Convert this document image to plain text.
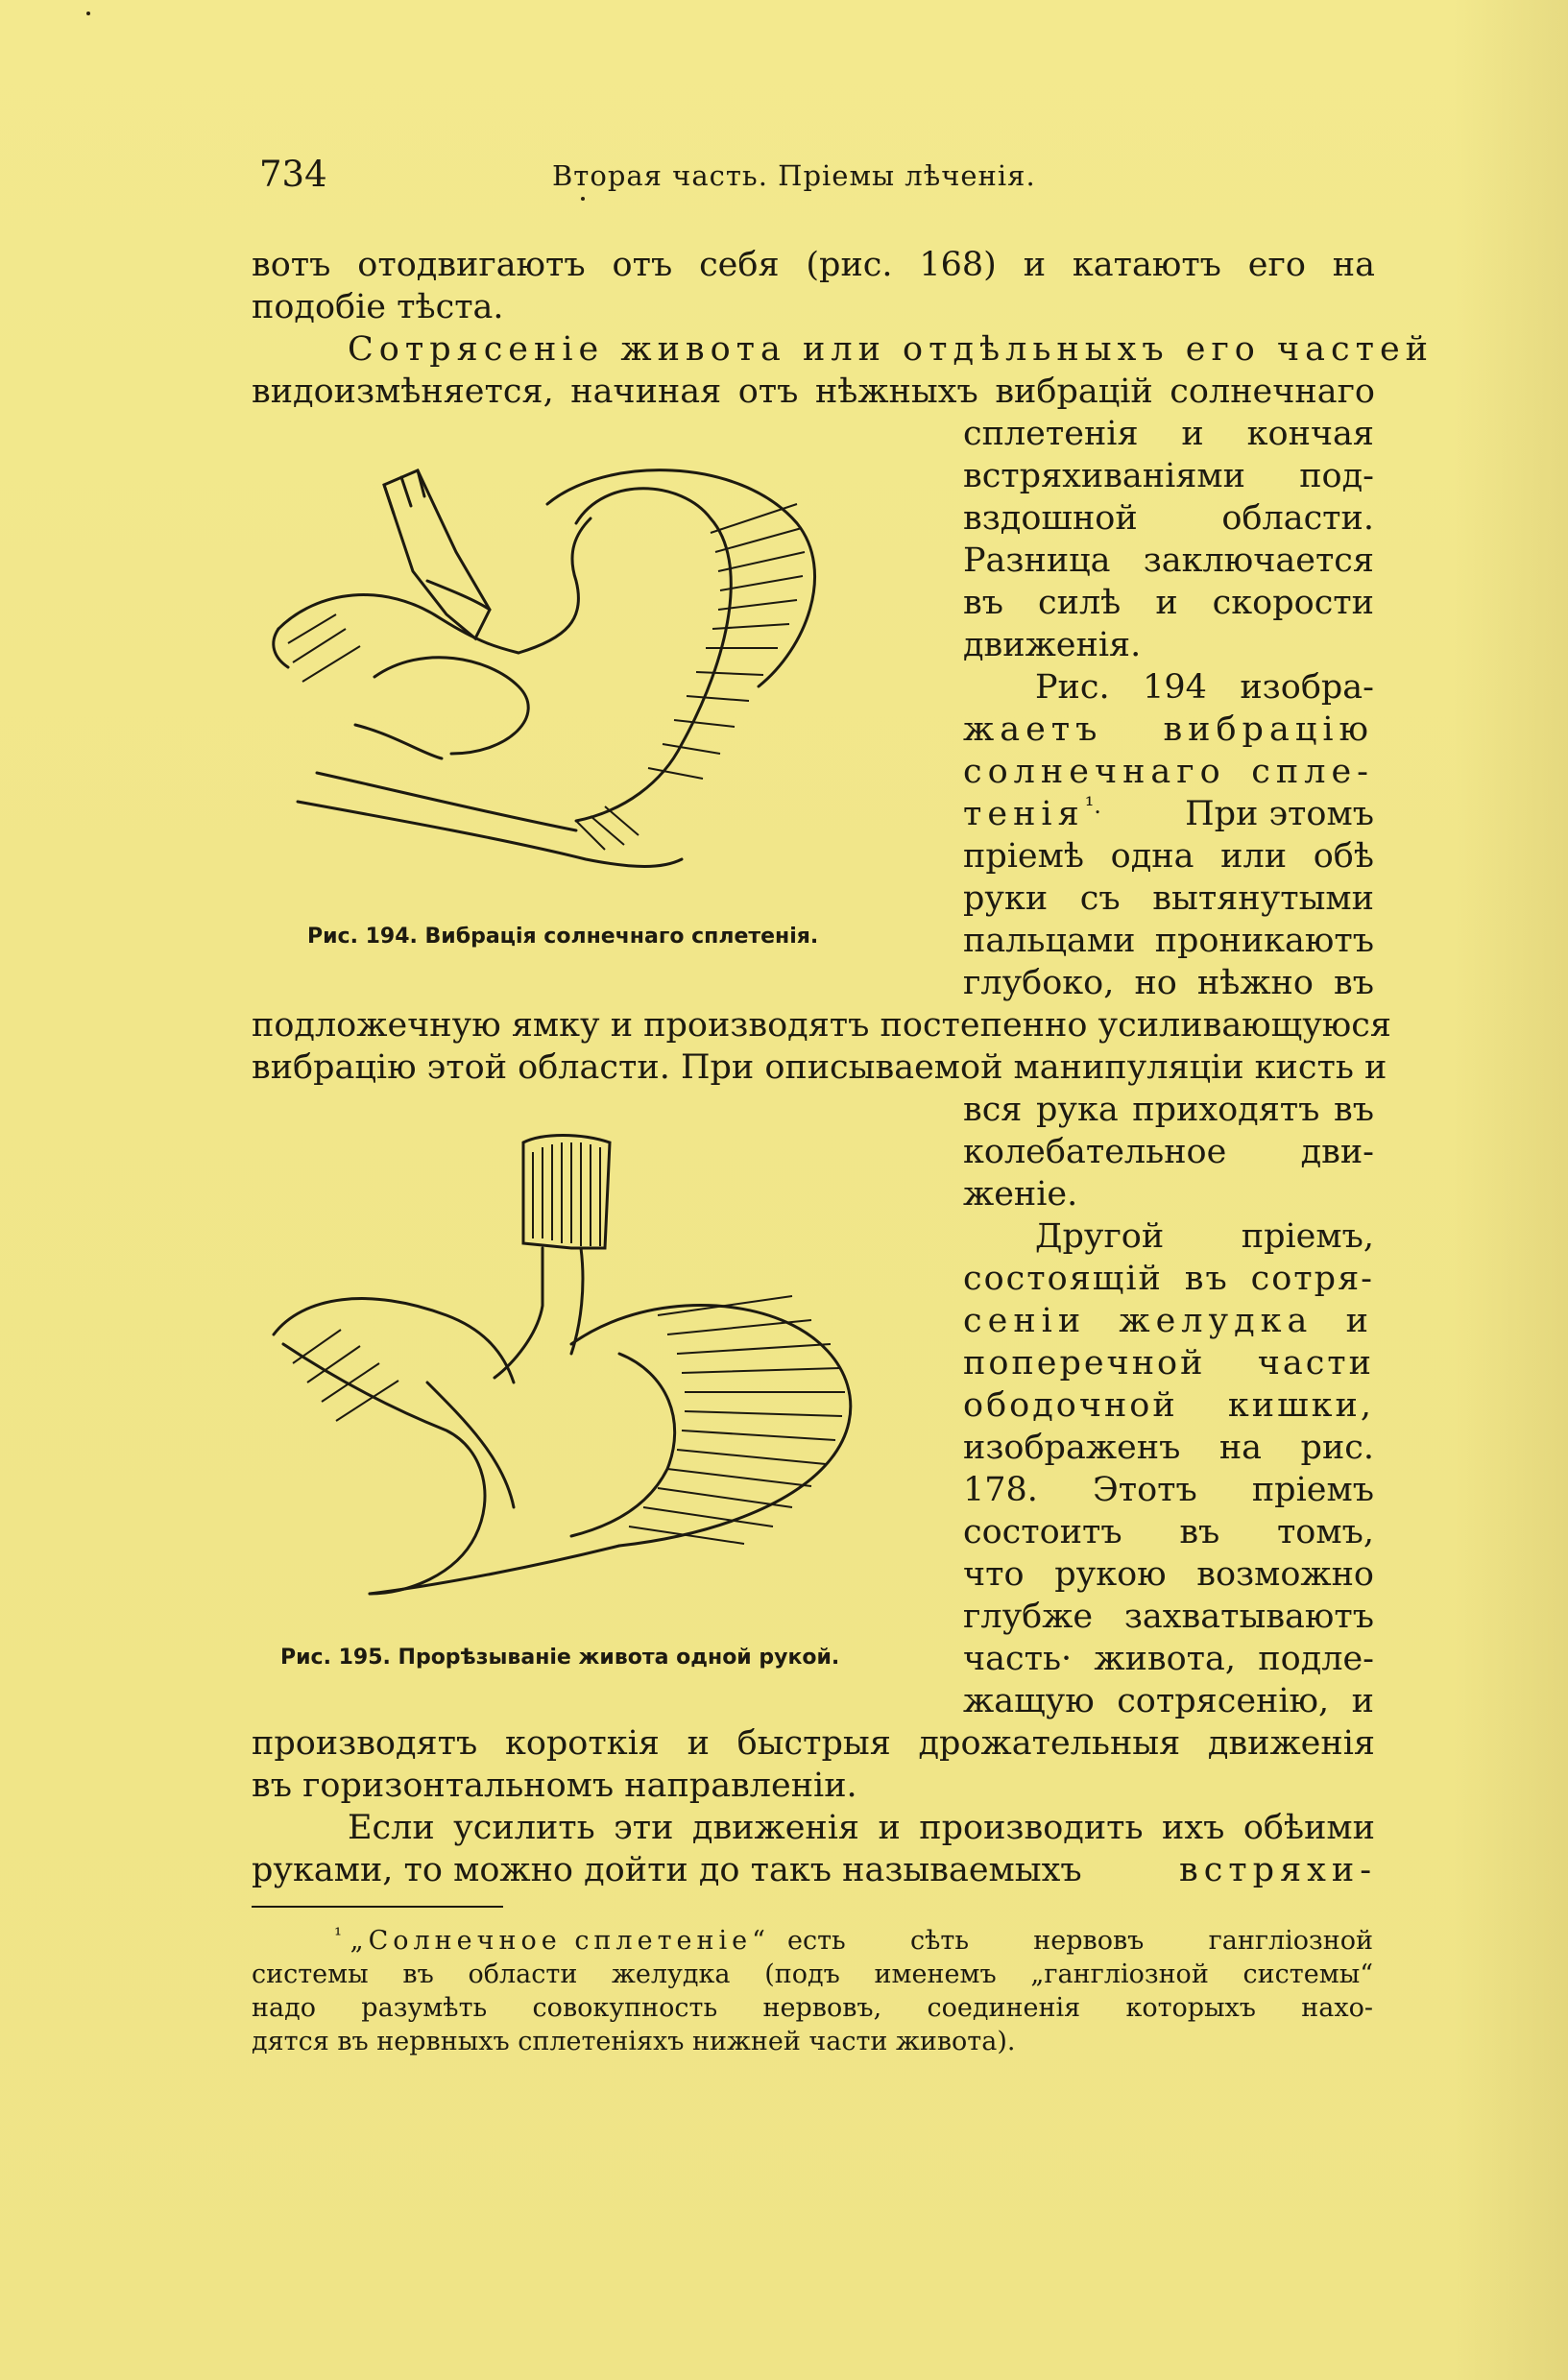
734	Вторая часть. Пріемы лѣченія.
вотъ отодвигаютъ отъ себя (рис. 168) и катаютъ его на
подобіе тѣста.
Сотрясеніе живота или отдѣльныхъ его частей
видоизмѣняется, начиная отъ нѣжныхъ вибрацій солнечнаго
сплетенія и кончая
встряхиваніями под-
вздошной области.
Разница заключается
въ силѣ и скорости
движенія.
Рис. 194 изобра-
жаетъ вибрацію
солнечнаго спле-
тенія$^{^1.}$	При этомъ
пріемѣ одна или обѣ
руки съ вытянутыми
пальцами проникаютъ
глубоко, но нѣжно въ
подложечную ямку и производятъ постепенно усиливающуюся
вибрацію этой области. При описываемой манипуляціи кисть и
вся рука приходятъ въ
колебательное дви-
женіе.
Другой пріемъ,
состоящій въ сотря-
сеніи желудка и
поперечной части
ободочной кишки,
изображенъ на рис.
178. Этотъ пріемъ
состоитъ въ томъ,
что рукою возможно
глубже захватываютъ
часть· живота, подле-
жащую сотрясенію, и
производятъ короткія и быстрыя дрожательныя движенія
въ горизонтальномъ направленіи.
Если усилить эти движенія и производить ихъ обѣими
руками, то можно дойти до такъ называемыхъ	встряхи-
Рис. 194. Вибрація солнечнаго сплетенія.
Рис. 195. Прорѣзываніе живота одной рукой.
$^{^1}$ „Солнечное сплетеніе“ есть сѣть нервовъ гангліозной
системы въ области желудка (подъ именемъ „гангліозной системы“
надо разумѣть совокупность нервовъ, соединенія которыхъ нахо-
дятся въ нервныхъ сплетеніяхъ нижней части живота).
